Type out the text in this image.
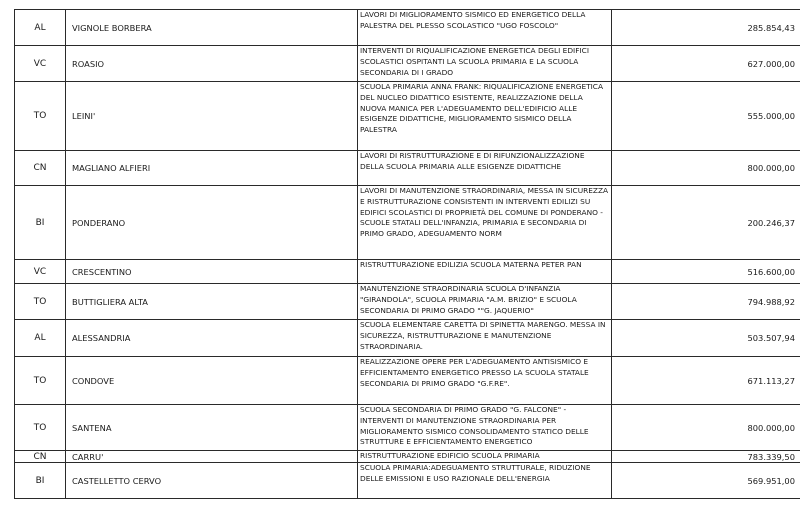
AL	VIGNOLE BORBERA	LAVORI DI MIGLIORAMENTO SISMICO ED ENERGETICO DELLA PALESTRA DEL PLESSO SCOLASTICO "UGO FOSCOLO"	285.854,43
VC	ROASIO	INTERVENTI DI RIQUALIFICAZIONE ENERGETICA DEGLI EDIFICI SCOLASTICI OSPITANTI LA SCUOLA PRIMARIA E LA SCUOLA SECONDARIA DI I GRADO	627.000,00
TO	LEINI'	SCUOLA PRIMARIA ANNA FRANK: RIQUALIFICAZIONE ENERGETICA DEL NUCLEO DIDATTICO ESISTENTE, REALIZZAZIONE DELLA NUOVA MANICA PER L'ADEGUAMENTO DELL'EDIFICIO ALLE ESIGENZE DIDATTICHE, MIGLIORAMENTO SISMICO DELLA PALESTRA	555.000,00
CN	MAGLIANO ALFIERI	LAVORI DI RISTRUTTURAZIONE E DI RIFUNZIONALIZZAZIONE DELLA SCUOLA PRIMARIA ALLE ESIGENZE DIDATTICHE	800.000,00
BI	PONDERANO	LAVORI DI MANUTENZIONE STRAORDINARIA, MESSA IN SICUREZZA E RISTRUTTURAZIONE CONSISTENTI IN INTERVENTI EDILIZI SU EDIFICI SCOLASTICI DI PROPRIETÀ DEL COMUNE DI PONDERANO - SCUOLE STATALI DELL'INFANZIA, PRIMARIA E SECONDARIA DI PRIMO GRADO, ADEGUAMENTO NORM	200.246,37
VC	CRESCENTINO	RISTRUTTURAZIONE EDILIZIA SCUOLA MATERNA PETER PAN	516.600,00
TO	BUTTIGLIERA ALTA	MANUTENZIONE STRAORDINARIA SCUOLA D'INFANZIA "GIRANDOLA", SCUOLA PRIMARIA "A.M. BRIZIO" E SCUOLA SECONDARIA DI PRIMO GRADO ""G. JAQUERIO"	794.988,92
AL	ALESSANDRIA	SCUOLA ELEMENTARE CARETTA DI SPINETTA MARENGO. MESSA IN SICUREZZA, RISTRUTTURAZIONE E MANUTENZIONE STRAORDINARIA.	503.507,94
TO	CONDOVE	REALIZZAZIONE OPERE PER L'ADEGUAMENTO ANTISISMICO E EFFICIENTAMENTO ENERGETICO PRESSO LA SCUOLA STATALE SECONDARIA DI PRIMO GRADO "G.F.RE".	671.113,27
TO	SANTENA	SCUOLA SECONDARIA DI PRIMO GRADO "G. FALCONE" - INTERVENTI DI MANUTENZIONE STRAORDINARIA PER MIGLIORAMENTO SISMICO CONSOLIDAMENTO STATICO DELLE STRUTTURE E EFFICIENTAMENTO ENERGETICO	800.000,00
CN	CARRU'	RISTRUTTURAZIONE EDIFICIO SCUOLA PRIMARIA	783.339,50
BI	CASTELLETTO CERVO	SCUOLA PRIMARIA:ADEGUAMENTO STRUTTURALE, RIDUZIONE DELLE EMISSIONI E USO RAZIONALE DELL'ENERGIA	569.951,00
